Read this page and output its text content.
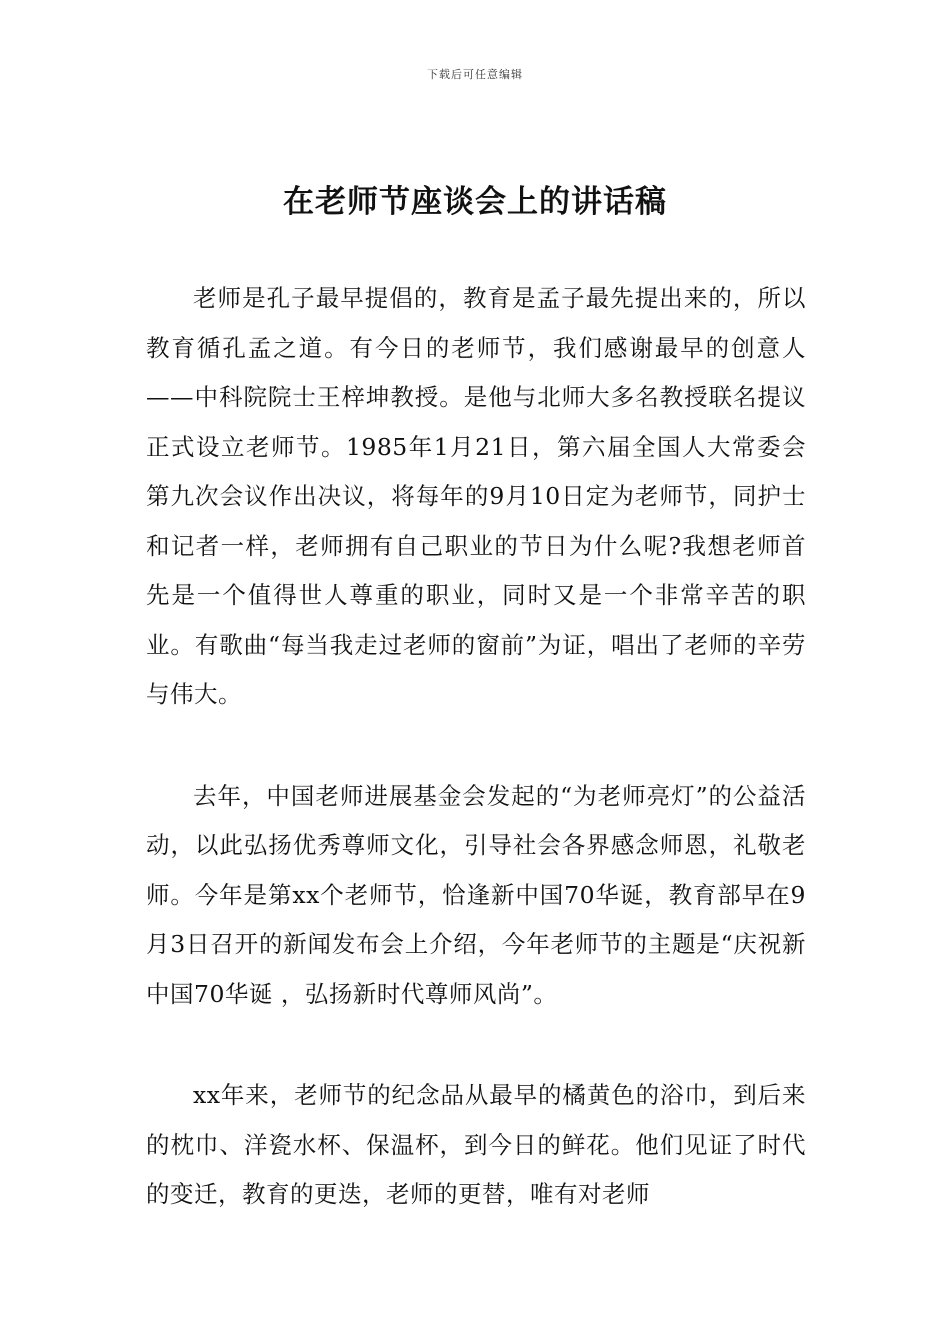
下载后可任意编辑
在老师节座谈会上的讲话稿

老师是孔子最早提倡的，教育是孟子最先提出来的，所以教育循孔孟之道。有今日的老师节，我们感谢最早的创意人——中科院院士王梓坤教授。是他与北师大多名教授联名提议正式设立老师节。1985年1月21日，第六届全国人大常委会第九次会议作出决议，将每年的9月10日定为老师节，同护士和记者一样，老师拥有自己职业的节日为什么呢?我想老师首先是一个值得世人尊重的职业，同时又是一个非常辛苦的职业。有歌曲“每当我走过老师的窗前”为证，唱出了老师的辛劳与伟大。

去年，中国老师进展基金会发起的“为老师亮灯”的公益活动，以此弘扬优秀尊师文化，引导社会各界感念师恩，礼敬老师。今年是第xx个老师节，恰逢新中国70华诞，教育部早在9月3日召开的新闻发布会上介绍，今年老师节的主题是“庆祝新中国70华诞 ，弘扬新时代尊师风尚”。

xx年来，老师节的纪念品从最早的橘黄色的浴巾，到后来的枕巾、洋瓷水杯、保温杯，到今日的鲜花。他们见证了时代的变迁，教育的更迭，老师的更替，唯有对老师
